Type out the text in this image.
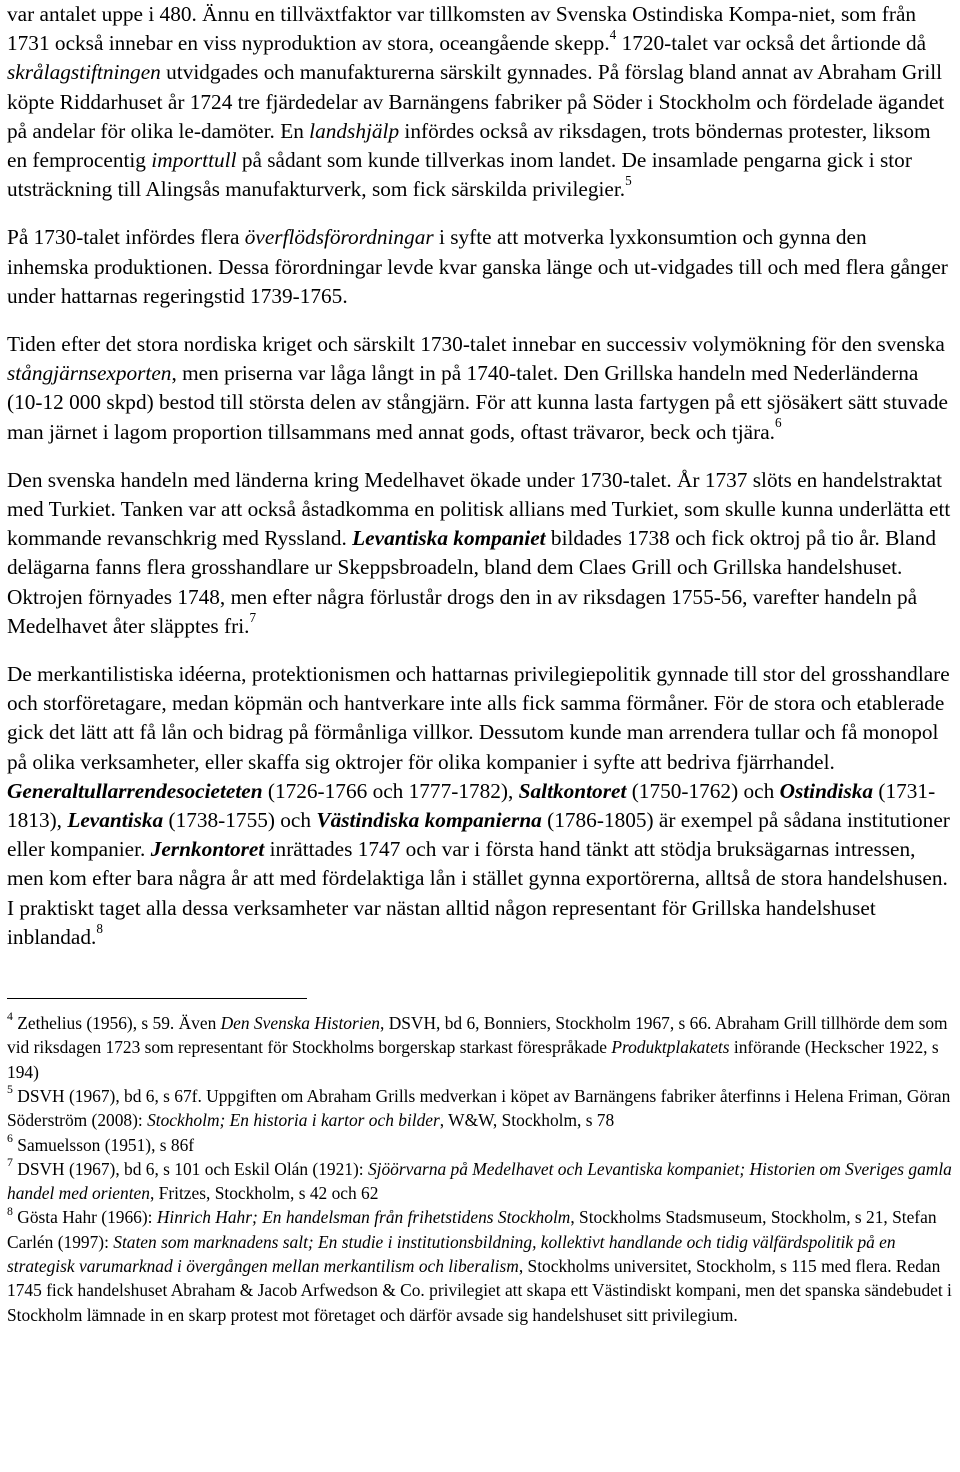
var antalet uppe i 480. Ännu en tillväxtfaktor var tillkomsten av Svenska Ostindiska Kompa-niet, som från 1731 också innebar en viss nyproduktion av stora, oceangående skepp.$^4$ 1720-talet var också det årtionde då skrålagstiftningen utvidgades och manufakturerna särskilt gynnades. På förslag bland annat av Abraham Grill köpte Riddarhuset år 1724 tre fjärdedelar av Barnängens fabriker på Söder i Stockholm och fördelade ägandet på andelar för olika le-damöter. En landshjälp infördes också av riksdagen, trots böndernas protester, liksom en femprocentig importtull på sådant som kunde tillverkas inom landet. De insamlade pengarna gick i stor utsträckning till Alingsås manufakturverk, som fick särskilda privilegier.$^5$

På 1730-talet infördes flera överflödsförordningar i syfte att motverka lyxkonsumtion och gynna den inhemska produktionen. Dessa förordningar levde kvar ganska länge och ut-vidgades till och med flera gånger under hattarnas regeringstid 1739-1765.

Tiden efter det stora nordiska kriget och särskilt 1730-talet innebar en successiv volymökning för den svenska stångjärnsexporten, men priserna var låga långt in på 1740-talet. Den Grillska handeln med Nederländerna (10-12 000 skpd) bestod till största delen av stångjärn. För att kunna lasta fartygen på ett sjösäkert sätt stuvade man järnet i lagom proportion tillsammans med annat gods, oftast trävaror, beck och tjära.$^6$

Den svenska handeln med länderna kring Medelhavet ökade under 1730-talet. År 1737 slöts en handelstraktat med Turkiet. Tanken var att också åstadkomma en politisk allians med Turkiet, som skulle kunna underlätta ett kommande revanschkrig med Ryssland. Levantiska kompaniet bildades 1738 och fick oktroj på tio år. Bland delägarna fanns flera grosshandlare ur Skeppsbroadeln, bland dem Claes Grill och Grillska handelshuset. Oktrojen förnyades 1748, men efter några förlustår drogs den in av riksdagen 1755-56, varefter handeln på Medelhavet åter släpptes fri.$^7$

De merkantilistiska idéerna, protektionismen och hattarnas privilegiepolitik gynnade till stor del grosshandlare och storföretagare, medan köpmän och hantverkare inte alls fick samma förmåner. För de stora och etablerade gick det lätt att få lån och bidrag på förmånliga villkor. Dessutom kunde man arrendera tullar och få monopol på olika verksamheter, eller skaffa sig oktrojer för olika kompanier i syfte att bedriva fjärrhandel. Generaltullarrendesocieteten (1726-1766 och 1777-1782), Saltkontoret (1750-1762) och Ostindiska (1731-1813), Levantiska (1738-1755) och Västindiska kompanierna (1786-1805) är exempel på sådana institutioner eller kompanier. Jernkontoret inrättades 1747 och var i första hand tänkt att stödja bruksägarnas intressen, men kom efter bara några år att med fördelaktiga lån i stället gynna exportörerna, alltså de stora handelshusen. I praktiskt taget alla dessa verksamheter var nästan alltid någon representant för Grillska handelshuset inblandad.$^8$

$^4$ Zethelius (1956), s 59. Även Den Svenska Historien, DSVH, bd 6, Bonniers, Stockholm 1967, s 66. Abraham Grill tillhörde dem som vid riksdagen 1723 som representant för Stockholms borgerskap starkast förespråkade Produktplakatets införande (Heckscher 1922, s 194)

$^5$ DSVH (1967), bd 6, s 67f. Uppgiften om Abraham Grills medverkan i köpet av Barnängens fabriker återfinns i Helena Friman, Göran Söderström (2008): Stockholm; En historia i kartor och bilder, W&W, Stockholm, s 78

$^6$ Samuelsson (1951), s 86f

$^7$ DSVH (1967), bd 6, s 101 och Eskil Olán (1921): Sjöörvarna på Medelhavet och Levantiska kompaniet; Historien om Sveriges gamla handel med orienten, Fritzes, Stockholm, s 42 och 62

$^8$ Gösta Hahr (1966): Hinrich Hahr; En handelsman från frihetstidens Stockholm, Stockholms Stadsmuseum, Stockholm, s 21, Stefan Carlén (1997): Staten som marknadens salt; En studie i institutionsbildning, kollektivt handlande och tidig välfärdspolitik på en strategisk varumarknad i övergången mellan merkantilism och liberalism, Stockholms universitet, Stockholm, s 115 med flera. Redan 1745 fick handelshuset Abraham & Jacob Arfwedson & Co. privilegiet att skapa ett Västindiskt kompani, men det spanska sändebudet i Stockholm lämnade in en skarp protest mot företaget och därför avsade sig handelshuset sitt privilegium.
